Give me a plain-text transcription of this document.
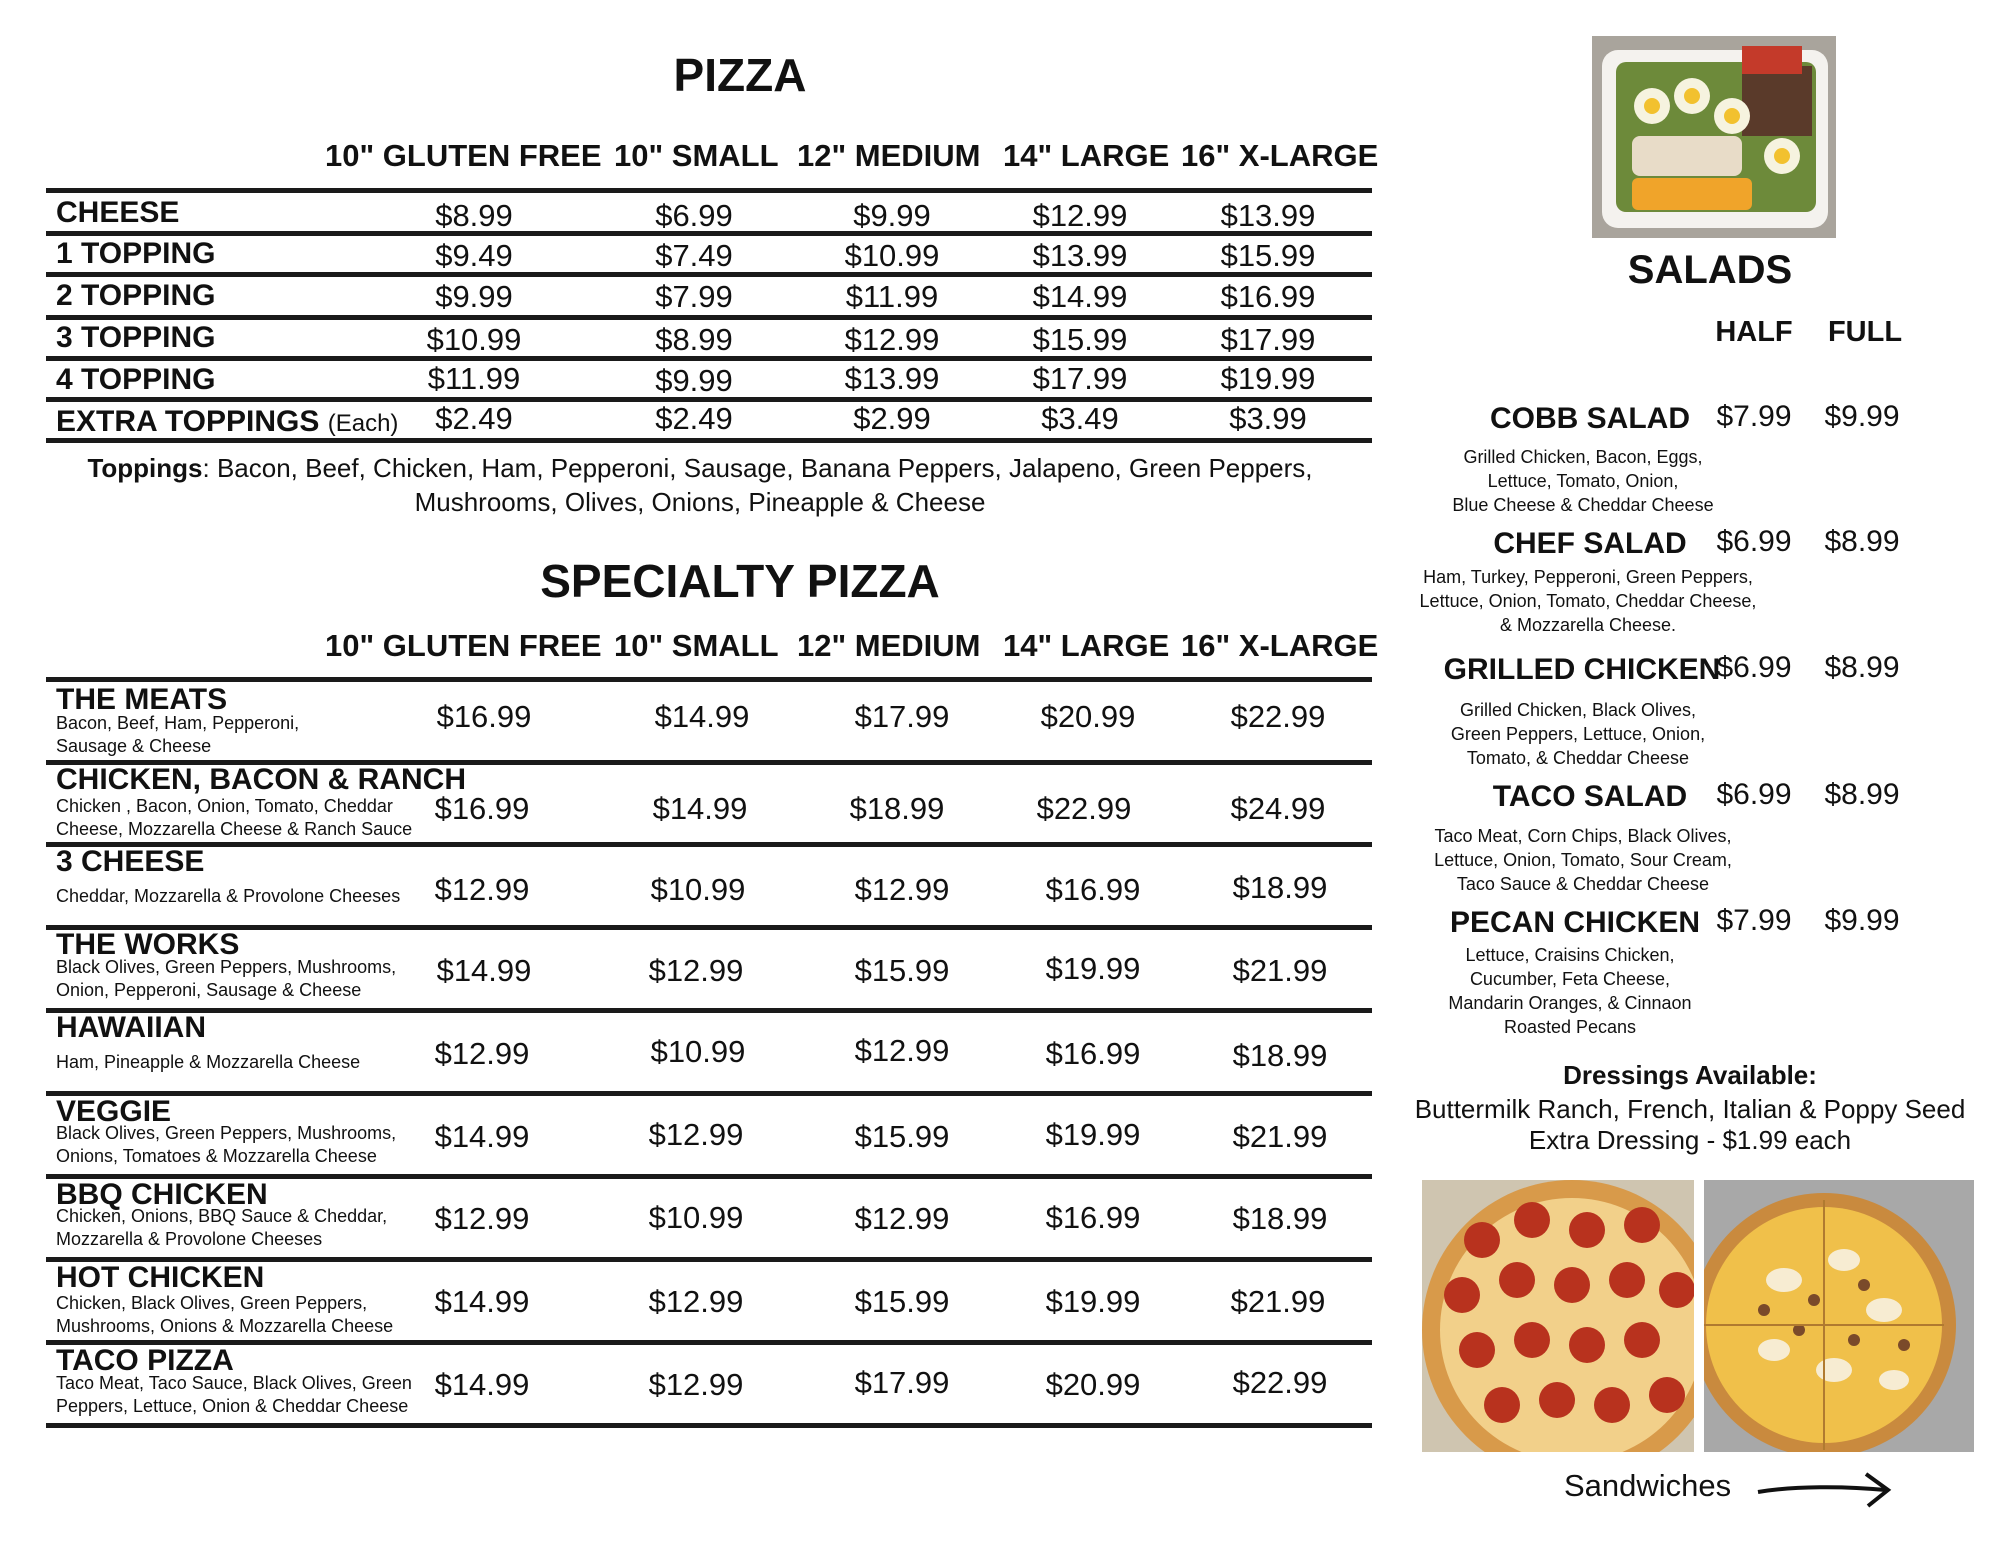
PIZZA
10" GLUTEN FREE 10" SMALL 12" MEDIUM 14" LARGE 16" X-LARGE
CHEESE	$8.99	$6.99	$9.99	$12.99	$13.99
1 TOPPING	$9.49	$7.49	$10.99	$13.99	$15.99
2 TOPPING	$9.99	$7.99	$11.99	$14.99	$16.99
3 TOPPING	$10.99	$8.99	$12.99	$15.99	$17.99
4 TOPPING	$11.99	$9.99	$13.99	$17.99	$19.99
EXTRA TOPPINGS (Each)	$2.49	$2.49	$2.99	$3.49	$3.99
Toppings: Bacon, Beef, Chicken, Ham, Pepperoni, Sausage, Banana Peppers, Jalapeno, Green Peppers,
Mushrooms, Olives, Onions, Pineapple & Cheese
SPECIALTY PIZZA
10" GLUTEN FREE 10" SMALL 12" MEDIUM 14" LARGE 16" X-LARGE
THE MEATS
Bacon, Beef, Ham, Pepperoni,
Sausage & Cheese
$16.99	$14.99	$17.99	$20.99	$22.99
CHICKEN, BACON & RANCH
Chicken , Bacon, Onion, Tomato, Cheddar
Cheese, Mozzarella Cheese & Ranch Sauce
$16.99	$14.99	$18.99	$22.99	$24.99
3 CHEESE
Cheddar, Mozzarella & Provolone Cheeses	$12.99	$10.99	$12.99	$16.99	$18.99
THE WORKS
Black Olives, Green Peppers, Mushrooms,
Onion, Pepperoni, Sausage & Cheese
$14.99	$12.99	$15.99	$19.99	$21.99
HAWAIIAN
Ham, Pineapple & Mozzarella Cheese	$12.99	$10.99	$12.99	$16.99	$18.99
VEGGIE
Black Olives, Green Peppers, Mushrooms,
Onions, Tomatoes & Mozzarella Cheese
$14.99	$12.99	$15.99	$19.99	$21.99
BBQ CHICKEN
Chicken, Onions, BBQ Sauce & Cheddar,
Mozzarella & Provolone Cheeses
$12.99	$10.99	$12.99	$16.99	$18.99
HOT CHICKEN
Chicken, Black Olives, Green Peppers,
Mushrooms, Onions & Mozzarella Cheese
$14.99	$12.99	$15.99	$19.99	$21.99
TACO PIZZA
Taco Meat, Taco Sauce, Black Olives, Green
Peppers, Lettuce, Onion & Cheddar Cheese
$14.99	$12.99	$17.99	$20.99	$22.99
SALADS
HALF FULL
COBB SALAD $7.99	$9.99
Grilled Chicken, Bacon, Eggs,
Lettuce, Tomato, Onion,
Blue Cheese & Cheddar Cheese
CHEF SALAD $6.99	$8.99
Ham, Turkey, Pepperoni, Green Peppers,
Lettuce, Onion, Tomato, Cheddar Cheese,
& Mozzarella Cheese.
GRILLED CHICKEN
$6.99	$8.99
Grilled Chicken, Black Olives,
Green Peppers, Lettuce, Onion,
Tomato, & Cheddar Cheese
TACO SALAD $6.99	$8.99
Taco Meat, Corn Chips, Black Olives,
Lettuce, Onion, Tomato, Sour Cream,
Taco Sauce & Cheddar Cheese
PECAN CHICKEN $7.99	$9.99
Lettuce, Craisins Chicken,
Cucumber, Feta Cheese,
Mandarin Oranges, & Cinnaon
Roasted Pecans
Dressings Available:
Buttermilk Ranch, French, Italian & Poppy Seed
Extra Dressing - $1.99 each
Sandwiches
